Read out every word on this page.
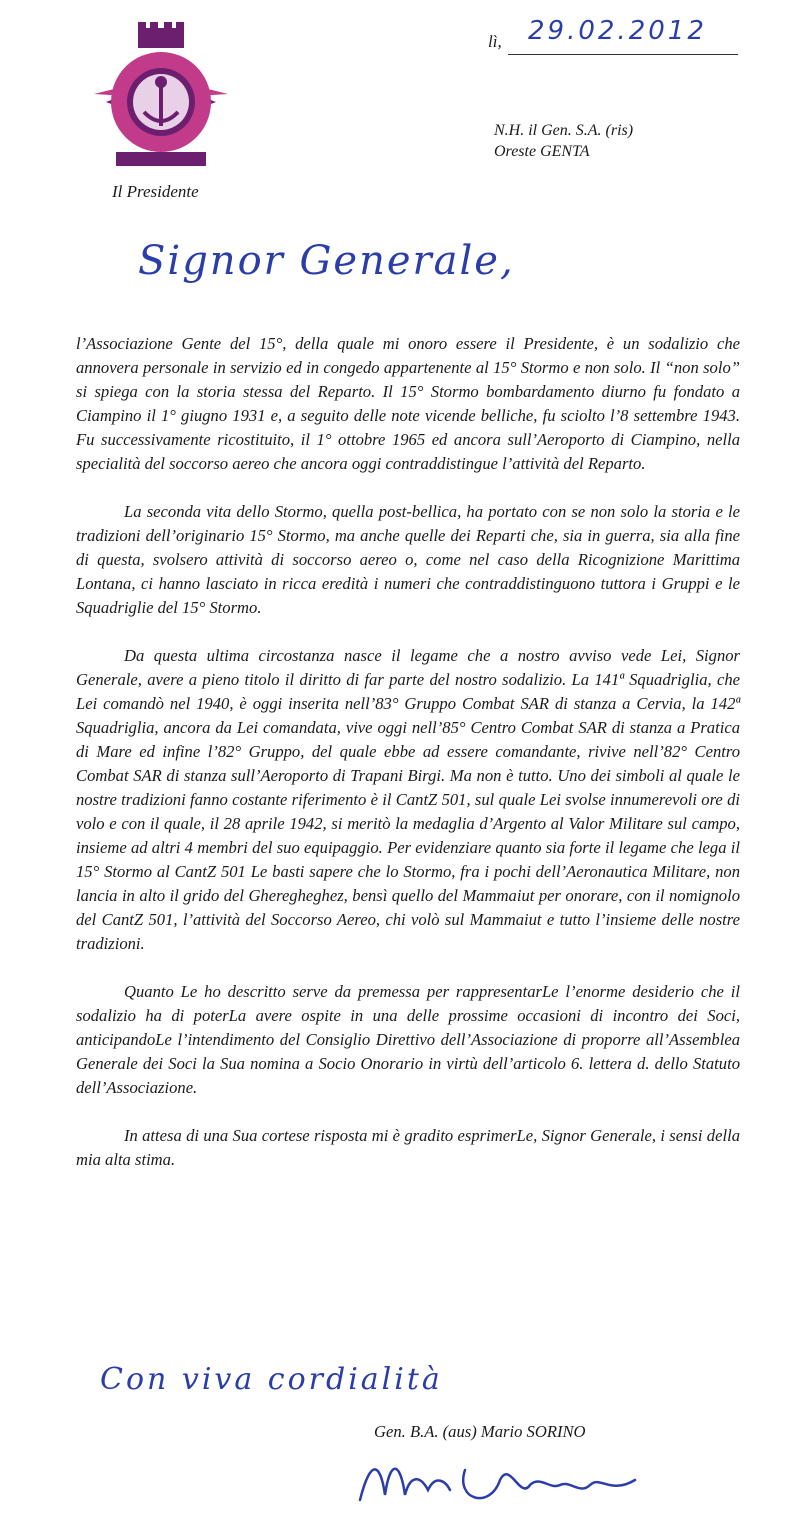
Il Presidente
lì, 29.02.2012
N.H. il Gen. S.A. (ris)
Oreste GENTA
Signor Generale,

l’Associazione Gente del 15°, della quale mi onoro essere il Presidente, è un sodalizio che annovera personale in servizio ed in congedo appartenente al 15° Stormo e non solo. Il “non solo” si spiega con la storia stessa del Reparto. Il 15° Stormo bombardamento diurno fu fondato a Ciampino il 1° giugno 1931 e, a seguito delle note vicende belliche, fu sciolto l’8 settembre 1943. Fu successivamente ricostituito, il 1° ottobre 1965 ed ancora sull’Aeroporto di Ciampino, nella specialità del soccorso aereo che ancora oggi contraddistingue l’attività del Reparto.

La seconda vita dello Stormo, quella post-bellica, ha portato con se non solo la storia e le tradizioni dell’originario 15° Stormo, ma anche quelle dei Reparti che, sia in guerra, sia alla fine di questa, svolsero attività di soccorso aereo o, come nel caso della Ricognizione Marittima Lontana, ci hanno lasciato in ricca eredità i numeri che contraddistinguono tuttora i Gruppi e le Squadriglie del 15° Stormo.

Da questa ultima circostanza nasce il legame che a nostro avviso vede Lei, Signor Generale, avere a pieno titolo il diritto di far parte del nostro sodalizio. La 141ª Squadriglia, che Lei comandò nel 1940, è oggi inserita nell’83° Gruppo Combat SAR di stanza a Cervia, la 142ª Squadriglia, ancora da Lei comandata, vive oggi nell’85° Centro Combat SAR di stanza a Pratica di Mare ed infine l’82° Gruppo, del quale ebbe ad essere comandante, rivive nell’82° Centro Combat SAR di stanza sull’Aeroporto di Trapani Birgi. Ma non è tutto. Uno dei simboli al quale le nostre tradizioni fanno costante riferimento è il CantZ 501, sul quale Lei svolse innumerevoli ore di volo e con il quale, il 28 aprile 1942, si meritò la medaglia d’Argento al Valor Militare sul campo, insieme ad altri 4 membri del suo equipaggio. Per evidenziare quanto sia forte il legame che lega il 15° Stormo al CantZ 501 Le basti sapere che lo Stormo, fra i pochi dell’Aeronautica Militare, non lancia in alto il grido del Gheregheghez, bensì quello del Mammaiut per onorare, con il nomignolo del CantZ 501, l’attività del Soccorso Aereo, chi volò sul Mammaiut e tutto l’insieme delle nostre tradizioni.

Quanto Le ho descritto serve da premessa per rappresentarLe l’enorme desiderio che il sodalizio ha di poterLa avere ospite in una delle prossime occasioni di incontro dei Soci, anticipandoLe l’intendimento del Consiglio Direttivo dell’Associazione di proporre all’Assemblea Generale dei Soci la Sua nomina a Socio Onorario in virtù dell’articolo 6. lettera d. dello Statuto dell’Associazione.

In attesa di una Sua cortese risposta mi è gradito esprimerLe, Signor Generale, i sensi della mia alta stima.

Con viva cordialità
Gen. B.A. (aus) Mario SORINO
